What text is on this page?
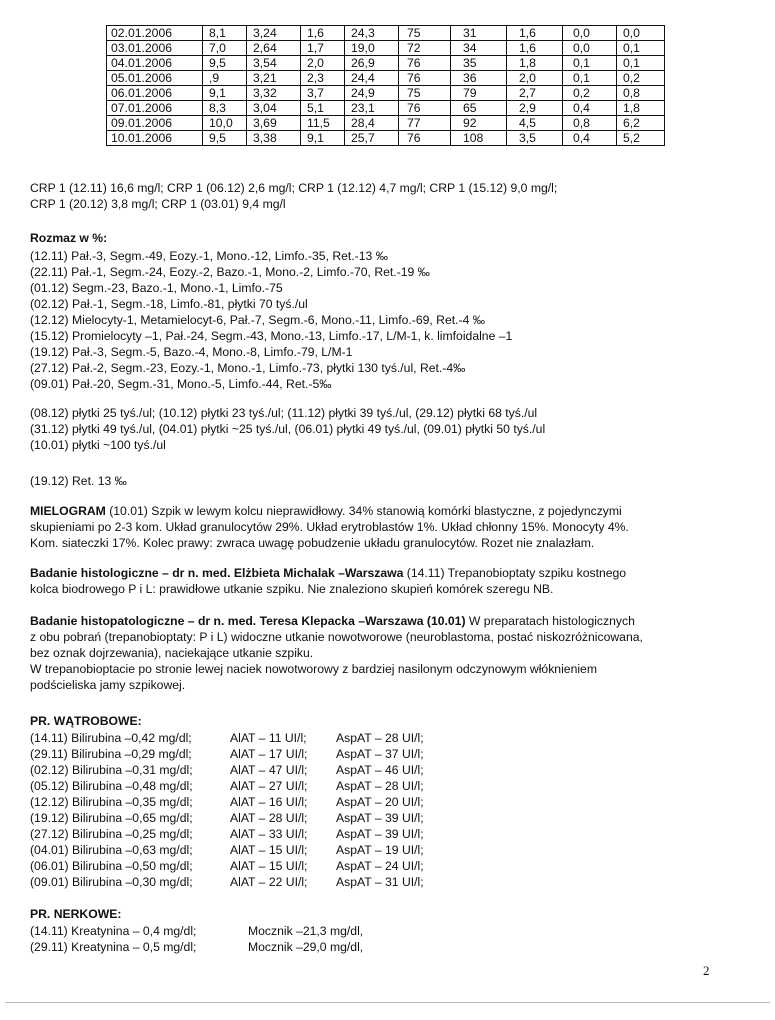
02.01.2006	8,1	3,24	1,6	24,3	75	31	1,6	0,0	0,0
03.01.2006	7,0	2,64	1,7	19,0	72	34	1,6	0,0	0,1
04.01.2006	9,5	3,54	2,0	26,9	76	35	1,8	0,1	0,1
05.01.2006	,9	3,21	2,3	24,4	76	36	2,0	0,1	0,2
06.01.2006	9,1	3,32	3,7	24,9	75	79	2,7	0,2	0,8
07.01.2006	8,3	3,04	5,1	23,1	76	65	2,9	0,4	1,8
09.01.2006	10,0	3,69	11,5	28,4	77	92	4,5	0,8	6,2
10.01.2006	9,5	3,38	9,1	25,7	76	108	3,5	0,4	5,2
CRP 1 (12.11) 16,6 mg/l; CRP 1 (06.12) 2,6 mg/l; CRP 1 (12.12) 4,7 mg/l; CRP 1 (15.12) 9,0 mg/l;
CRP 1 (20.12) 3,8 mg/l; CRP 1 (03.01) 9,4 mg/l
Rozmaz w %:
(12.11) Pał.-3, Segm.-49, Eozy.-1, Mono.-12, Limfo.-35, Ret.-13 ‰
(22.11) Pał.-1, Segm.-24, Eozy.-2, Bazo.-1, Mono.-2, Limfo.-70, Ret.-19 ‰
(01.12) Segm.-23, Bazo.-1, Mono.-1, Limfo.-75
(02.12) Pał.-1, Segm.-18, Limfo.-81, płytki 70 tyś./ul
(12.12) Mielocyty-1, Metamielocyt-6, Pał.-7, Segm.-6, Mono.-11, Limfo.-69, Ret.-4 ‰
(15.12) Promielocyty –1, Pał.-24, Segm.-43, Mono.-13, Limfo.-17, L/M-1, k. limfoidalne –1
(19.12) Pał.-3, Segm.-5, Bazo.-4, Mono.-8, Limfo.-79, L/M-1
(27.12) Pał.-2, Segm.-23, Eozy.-1, Mono.-1, Limfo.-73, płytki 130 tyś./ul, Ret.-4‰
(09.01) Pał.-20, Segm.-31, Mono.-5, Limfo.-44, Ret.-5‰
(08.12) płytki 25 tyś./ul; (10.12) płytki 23 tyś./ul; (11.12) płytki 39 tyś./ul, (29.12) płytki 68 tyś./ul
(31.12) płytki 49 tyś./ul, (04.01) płytki ~25 tyś./ul, (06.01) płytki 49 tyś./ul, (09.01) płytki 50 tyś./ul
(10.01) płytki ~100 tyś./ul
(19.12) Ret. 13 ‰
MIELOGRAM (10.01) Szpik w lewym kolcu nieprawidłowy. 34% stanowią komórki blastyczne, z pojedynczymi
skupieniami po 2-3 kom. Układ granulocytów 29%. Układ erytroblastów 1%. Układ chłonny 15%. Monocyty 4%.
Kom. siateczki 17%. Kolec prawy: zwraca uwagę pobudzenie układu granulocytów. Rozet nie znalazłam.
Badanie histologiczne – dr n. med. Elżbieta Michalak –Warszawa (14.11) Trepanobioptaty szpiku kostnego
kolca biodrowego P i L: prawidłowe utkanie szpiku. Nie znaleziono skupień komórek szeregu NB.
Badanie histopatologiczne – dr n. med. Teresa Klepacka –Warszawa (10.01) W preparatach histologicznych
z obu pobrań (trepanobioptaty: P i L) widoczne utkanie nowotworowe (neuroblastoma, postać niskozróżnicowana,
bez oznak dojrzewania), naciekające utkanie szpiku.
W trepanobioptacie po stronie lewej naciek nowotworowy z bardziej nasilonym odczynowym włóknieniem
podścieliska jamy szpikowej.
PR. WĄTROBOWE:
(14.11) Bilirubina –0,42 mg/dl;	AlAT – 11 UI/l; AspAT – 28 UI/l;
(29.11) Bilirubina –0,29 mg/dl;	AlAT – 17 UI/l; AspAT – 37 UI/l;
(02.12) Bilirubina –0,31 mg/dl;	AlAT – 47 UI/l; AspAT – 46 UI/l;
(05.12) Bilirubina –0,48 mg/dl;	AlAT – 27 UI/l; AspAT – 28 UI/l;
(12.12) Bilirubina –0,35 mg/dl;	AlAT – 16 UI/l; AspAT – 20 UI/l;
(19.12) Bilirubina –0,65 mg/dl;	AlAT – 28 UI/l; AspAT – 39 UI/l;
(27.12) Bilirubina –0,25 mg/dl;	AlAT – 33 UI/l; AspAT – 39 UI/l;
(04.01) Bilirubina –0,63 mg/dl;	AlAT – 15 UI/l; AspAT – 19 UI/l;
(06.01) Bilirubina –0,50 mg/dl;	AlAT – 15 UI/l; AspAT – 24 UI/l;
(09.01) Bilirubina –0,30 mg/dl;	AlAT – 22 UI/l; AspAT – 31 UI/l;
PR. NERKOWE:
(14.11) Kreatynina – 0,4 mg/dl;	Mocznik –21,3 mg/dl,
(29.11) Kreatynina – 0,5 mg/dl;	Mocznik –29,0 mg/dl,
2
